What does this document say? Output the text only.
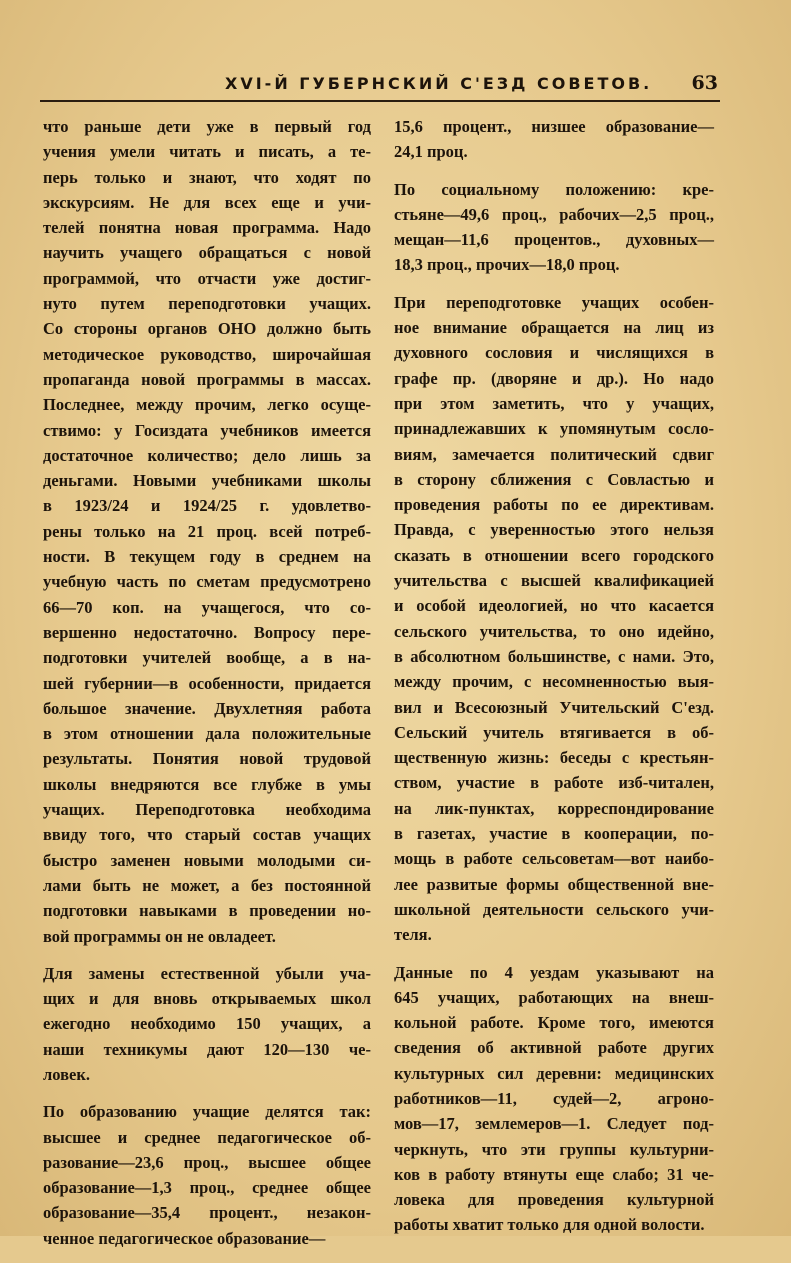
XVI-Й ГУБЕРНСКИЙ С'ЕЗД СОВЕТОВ. 63
что раньше дети уже в первый год
учения умели читать и писать, а те-
перь только и знают, что ходят по
экскурсиям. Не для всех еще и учи-
телей понятна новая программа. Надо
научить учащего обращаться с новой
программой, что отчасти уже достиг-
нуто путем переподготовки учащих.
Со стороны органов ОНО должно быть
методическое руководство, широчайшая
пропаганда новой программы в массах.
Последнее, между прочим, легко осуще-
ствимо: у Госиздата учебников имеется
достаточное количество; дело лишь за
деньгами. Новыми учебниками школы
в 1923/24 и 1924/25 г. удовлетво-
рены только на 21 проц. всей потреб-
ности. В текущем году в среднем на
учебную часть по сметам предусмотрено
66—70 коп. на учащегося, что со-
вершенно недостаточно. Вопросу пере-
подготовки учителей вообще, а в на-
шей губернии—в особенности, придается
большое значение. Двухлетняя работа
в этом отношении дала положительные
результаты. Понятия новой трудовой
школы внедряются все глубже в умы
учащих. Переподготовка необходима
ввиду того, что старый состав учащих
быстро заменен новыми молодыми си-
лами быть не может, а без постоянной
подготовки навыками в проведении но-
вой программы он не овладеет.
Для замены естественной убыли уча-
щих и для вновь открываемых школ
ежегодно необходимо 150 учащих, а
наши техникумы дают 120—130 че-
ловек.
По образованию учащие делятся так:
высшее и среднее педагогическое об-
разование—23,6 проц., высшее общее
образование—1,3 проц., среднее общее
образование—35,4 процент., незакон-
ченное педагогическое образование—
15,6 процент., низшее образование—
24,1 проц.
По социальному положению: кре-
стьяне—49,6 проц., рабочих—2,5 проц.,
мещан—11,6 процентов., духовных—
18,3 проц., прочих—18,0 проц.
При переподготовке учащих особен-
ное внимание обращается на лиц из
духовного сословия и числящихся в
графе пр. (дворяне и др.). Но надо
при этом заметить, что у учащих,
принадлежавших к упомянутым сосло-
виям, замечается политический сдвиг
в сторону сближения с Совластью и
проведения работы по ее директивам.
Правда, с уверенностью этого нельзя
сказать в отношении всего городского
учительства с высшей квалификацией
и особой идеологией, но что касается
сельского учительства, то оно идейно,
в абсолютном большинстве, с нами. Это,
между прочим, с несомненностью выя-
вил и Всесоюзный Учительский С'езд.
Сельский учитель втягивается в об-
щественную жизнь: беседы с крестьян-
ством, участие в работе изб-читален,
на лик-пунктах, корреспондирование
в газетах, участие в кооперации, по-
мощь в работе сельсоветам—вот наибо-
лее развитые формы общественной вне-
школьной деятельности сельского учи-
теля.
Данные по 4 уездам указывают на
645 учащих, работающих на внеш-
кольной работе. Кроме того, имеются
сведения об активной работе других
культурных сил деревни: медицинских
работников—11, судей—2, агроно-
мов—17, землемеров—1. Следует под-
черкнуть, что эти группы культурни-
ков в работу втянуты еще слабо; 31 че-
ловека для проведения культурной
работы хватит только для одной волости.
